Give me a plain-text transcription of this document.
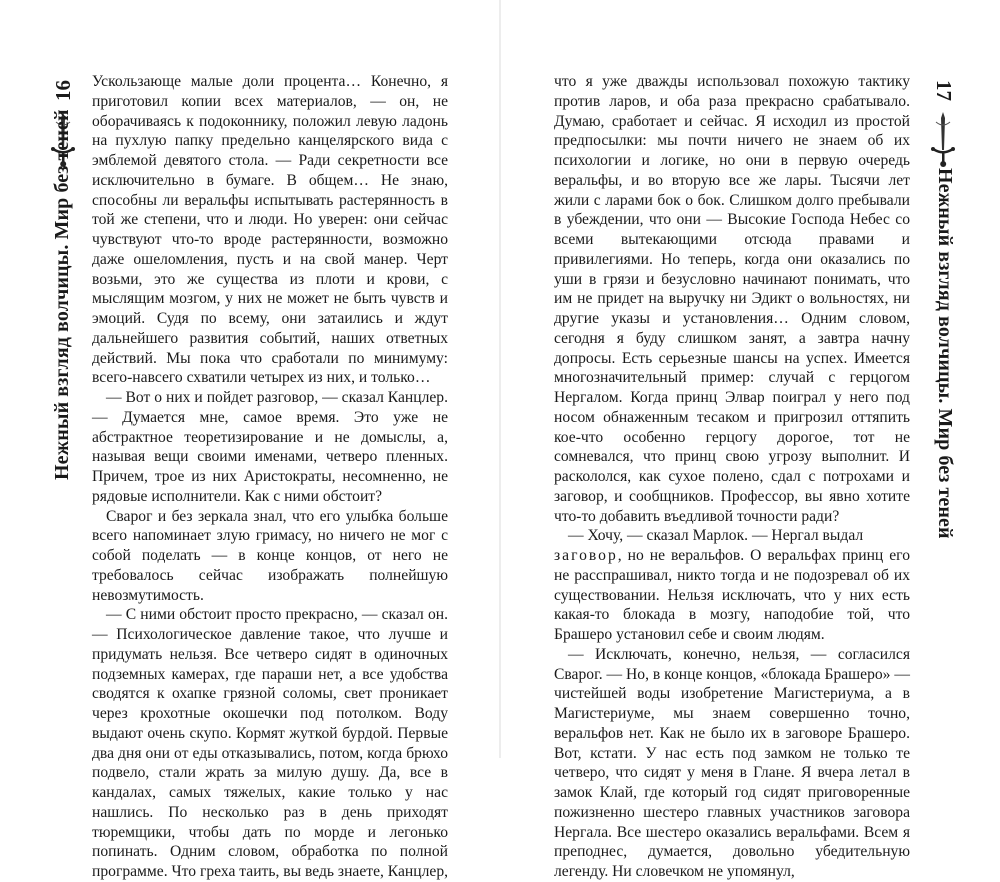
16
Нежный взгляд волчицы. Мир без теней

Ускользающе малые доли процента… Конечно, я приготовил копии всех материалов, — он, не оборачиваясь к подоконнику, положил левую ладонь на пухлую папку предельно канцелярского вида с эмблемой девятого стола. — Ради секретности все исключительно в бумаге. В общем… Не знаю, способны ли веральфы испытывать растерянность в той же степени, что и люди. Но уверен: они сейчас чувствуют что-то вроде растерянности, возможно даже ошеломления, пусть и на свой манер. Черт возьми, это же существа из плоти и крови, с мыслящим мозгом, у них не может не быть чувств и эмоций. Судя по всему, они затаились и ждут дальнейшего развития событий, наших ответных действий. Мы пока что сработали по минимуму: всего-навсего схватили четырех из них, и только…

— Вот о них и пойдет разговор, — сказал Канцлер. — Думается мне, самое время. Это уже не абстрактное теоретизирование и не домыслы, а, называя вещи своими именами, четверо пленных. Причем, трое из них Аристократы, несомненно, не рядовые исполнители. Как с ними обстоит?

Сварог и без зеркала знал, что его улыбка больше всего напоминает злую гримасу, но ничего не мог с собой поделать — в конце концов, от него не требовалось сейчас изображать полнейшую невозмутимость.

— С ними обстоит просто прекрасно, — сказал он. — Психологическое давление такое, что лучше и придумать нельзя. Все четверо сидят в одиночных подземных камерах, где параши нет, а все удобства сводятся к охапке грязной соломы, свет проникает через крохотные окошечки под потолком. Воду выдают очень скупо. Кормят жуткой бурдой. Первые два дня они от еды отказывались, потом, когда брюхо подвело, стали жрать за милую душу. Да, все в кандалах, самых тяжелых, какие только у нас нашлись. По несколько раз в день приходят тюремщики, чтобы дать по морде и легонько попинать. Одним словом, обработка по полной программе. Что греха таить, вы ведь знаете, Канцлер,

что я уже дважды использовал похожую тактику против ларов, и оба раза прекрасно срабатывало. Думаю, сработает и сейчас. Я исходил из простой предпосылки: мы почти ничего не знаем об их психологии и логике, но они в первую очередь веральфы, и во вторую все же лары. Тысячи лет жили с ларами бок о бок. Слишком долго пребывали в убеждении, что они — Высокие Господа Небес со всеми вытекающими отсюда правами и привилегиями. Но теперь, когда они оказались по уши в грязи и безусловно начинают понимать, что им не придет на выручку ни Эдикт о вольностях, ни другие указы и установления… Одним словом, сегодня я буду слишком занят, а завтра начну допросы. Есть серьезные шансы на успех. Имеется многозначительный пример: случай с герцогом Нергалом. Когда принц Элвар поиграл у него под носом обнаженным тесаком и пригрозил оттяпить кое-что особенно герцогу дорогое, тот не сомневался, что принц свою угрозу выполнит. И раскололся, как сухое полено, сдал с потрохами и заговор, и сообщников. Профессор, вы явно хотите что-то добавить въедливой точности ради?

— Хочу, — сказал Марлок. — Нергал выдал
заговор, но не веральфов. О веральфах принц его не расспрашивал, никто тогда и не подозревал об их существовании. Нельзя исключать, что у них есть какая-то блокада в мозгу, наподобие той, что Брашеро установил себе и своим людям.

— Исключать, конечно, нельзя, — согласился Сварог. — Но, в конце концов, «блокада Брашеро» — чистейшей воды изобретение Магистериума, а в Магистериуме, мы знаем совершенно точно, веральфов нет. Как не было их в заговоре Брашеро. Вот, кстати. У нас есть под замком не только те четверо, что сидят у меня в Глане. Я вчера летал в замок Клай, где который год сидят приговоренные пожизненно шестеро главных участников заговора Нергала. Все шестеро оказались веральфами. Всем я преподнес, думается, довольно убедительную легенду. Ни словечком не упомянул,

17
Нежный взгляд волчицы. Мир без теней
